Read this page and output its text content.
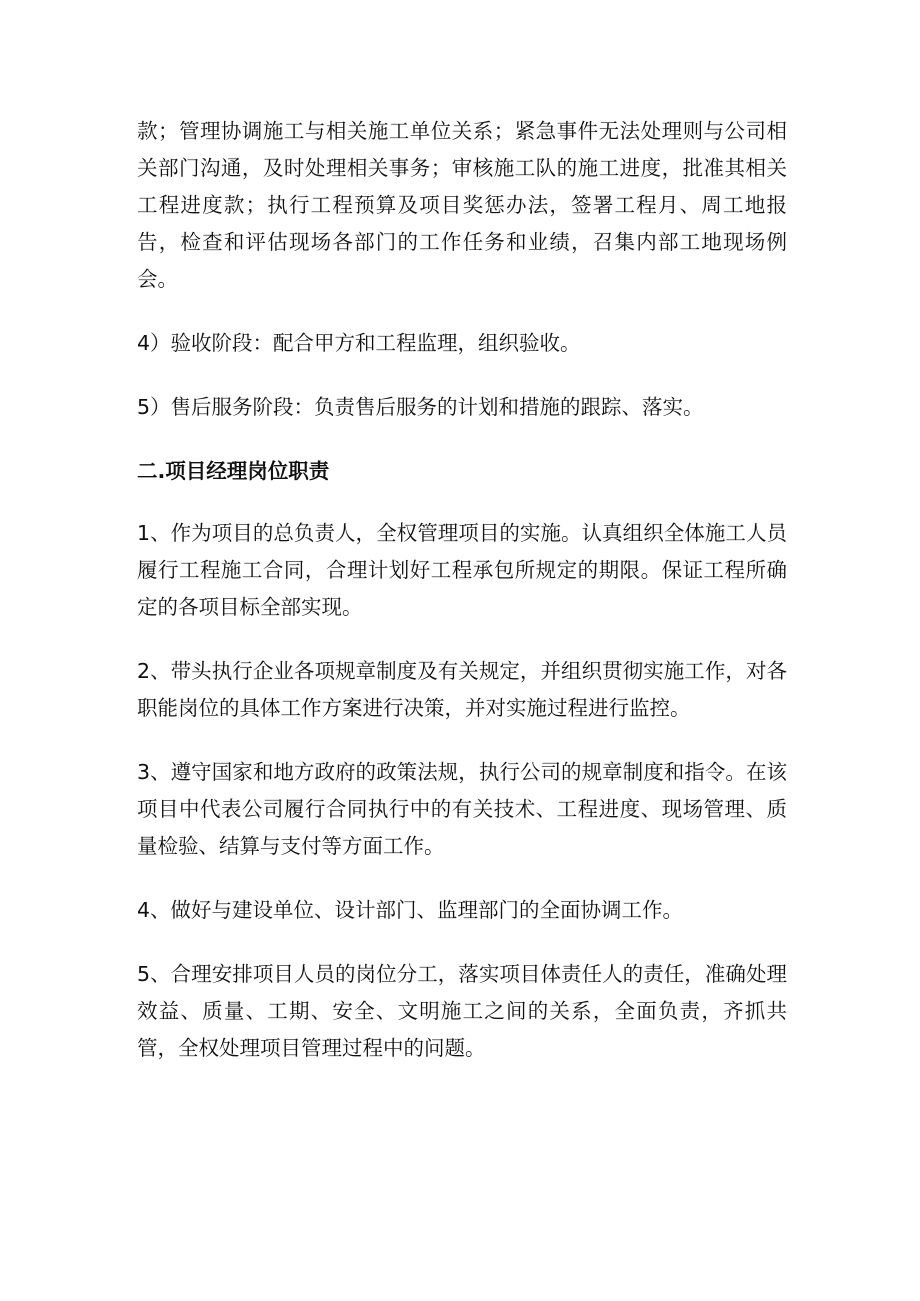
款；管理协调施工与相关施工单位关系；紧急事件无法处理则与公司相关部门沟通，及时处理相关事务；审核施工队的施工进度，批准其相关工程进度款；执行工程预算及项目奖惩办法，签署工程月、周工地报告，检查和评估现场各部门的工作任务和业绩，召集内部工地现场例会。

4）验收阶段：配合甲方和工程监理，组织验收。

5）售后服务阶段：负责售后服务的计划和措施的跟踪、落实。

二.项目经理岗位职责

1、作为项目的总负责人，全权管理项目的实施。认真组织全体施工人员履行工程施工合同，合理计划好工程承包所规定的期限。保证工程所确定的各项目标全部实现。

2、带头执行企业各项规章制度及有关规定，并组织贯彻实施工作，对各职能岗位的具体工作方案进行决策，并对实施过程进行监控。

3、遵守国家和地方政府的政策法规，执行公司的规章制度和指令。在该项目中代表公司履行合同执行中的有关技术、工程进度、现场管理、质量检验、结算与支付等方面工作。

4、做好与建设单位、设计部门、监理部门的全面协调工作。

5、合理安排项目人员的岗位分工，落实项目体责任人的责任，准确处理效益、质量、工期、安全、文明施工之间的关系，全面负责，齐抓共管，全权处理项目管理过程中的问题。
